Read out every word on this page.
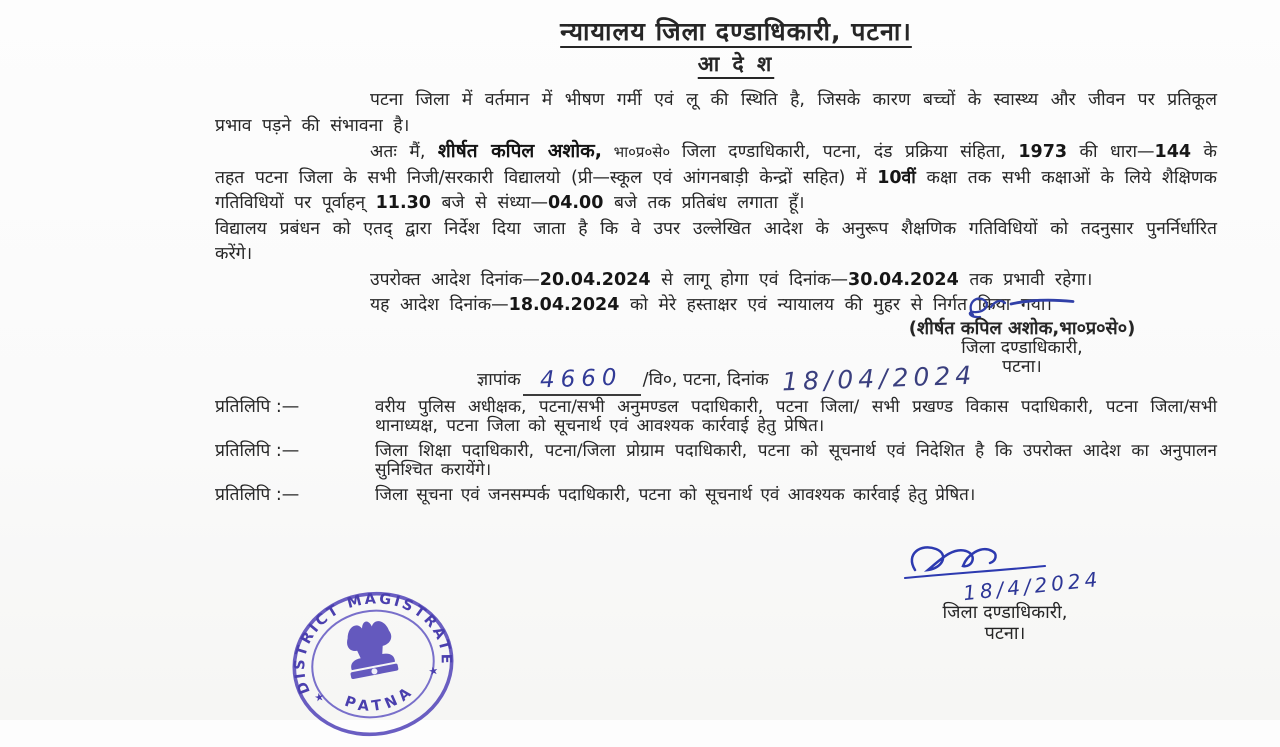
न्यायालय जिला दण्डाधिकारी, पटना।
आ दे श

पटना जिला में वर्तमान में भीषण गर्मी एवं लू की स्थिति है, जिसके कारण बच्चों के स्वास्थ्य और जीवन पर प्रतिकूल प्रभाव पड़ने की संभावना है।

अतः मैं, शीर्षत कपिल अशोक, भा०प्र०से० जिला दण्डाधिकारी, पटना, दंड प्रक्रिया संहिता, 1973 की धारा—144 के तहत पटना जिला के सभी निजी/सरकारी विद्यालयो (प्री—स्कूल एवं आंगनबाड़ी केन्द्रों सहित) में 10वीं कक्षा तक सभी कक्षाओं के लिये शैक्षिणक गतिविधियों पर पूर्वाहन् 11.30 बजे से संध्या—04.00 बजे तक प्रतिबंध लगाता हूँ।

विद्यालय प्रबंधन को एतद् द्वारा निर्देश दिया जाता है कि वे उपर उल्लेखित आदेश के अनुरूप शैक्षणिक गतिविधियों को तदनुसार पुनर्निर्धारित करेंगे।

उपरोक्त आदेश दिनांक—20.04.2024 से लागू होगा एवं दिनांक—30.04.2024 तक प्रभावी रहेगा।

यह आदेश दिनांक—18.04.2024 को मेरे हस्ताक्षर एवं न्यायालय की मुहर से निर्गत किया गया।

(शीर्षत कपिल अशोक,भा०प्र०से०)
जिला दण्डाधिकारी,
पटना।
ज्ञापांक 4660 /वि०, पटना, दिनांक 18/04/2024
प्रतिलिपि :—	वरीय पुलिस अधीक्षक, पटना/सभी अनुमण्डल पदाधिकारी, पटना जिला/ सभी प्रखण्ड विकास पदाधिकारी, पटना जिला/सभी थानाध्यक्ष, पटना जिला को सूचनार्थ एवं आवश्यक कार्रवाई हेतु प्रेषित।
प्रतिलिपि :—	जिला शिक्षा पदाधिकारी, पटना/जिला प्रोग्राम पदाधिकारी, पटना को सूचनार्थ एवं निदेशित है कि उपरोक्त आदेश का अनुपालन सुनिश्चित करायेंगे।
प्रतिलिपि :—	जिला सूचना एवं जनसम्पर्क पदाधिकारी, पटना को सूचनार्थ एवं आवश्यक कार्रवाई हेतु प्रेषित।
18/4/2024
जिला दण्डाधिकारी,
पटना।
DISTRICT MAGISTRATE
PATNA
★
★
